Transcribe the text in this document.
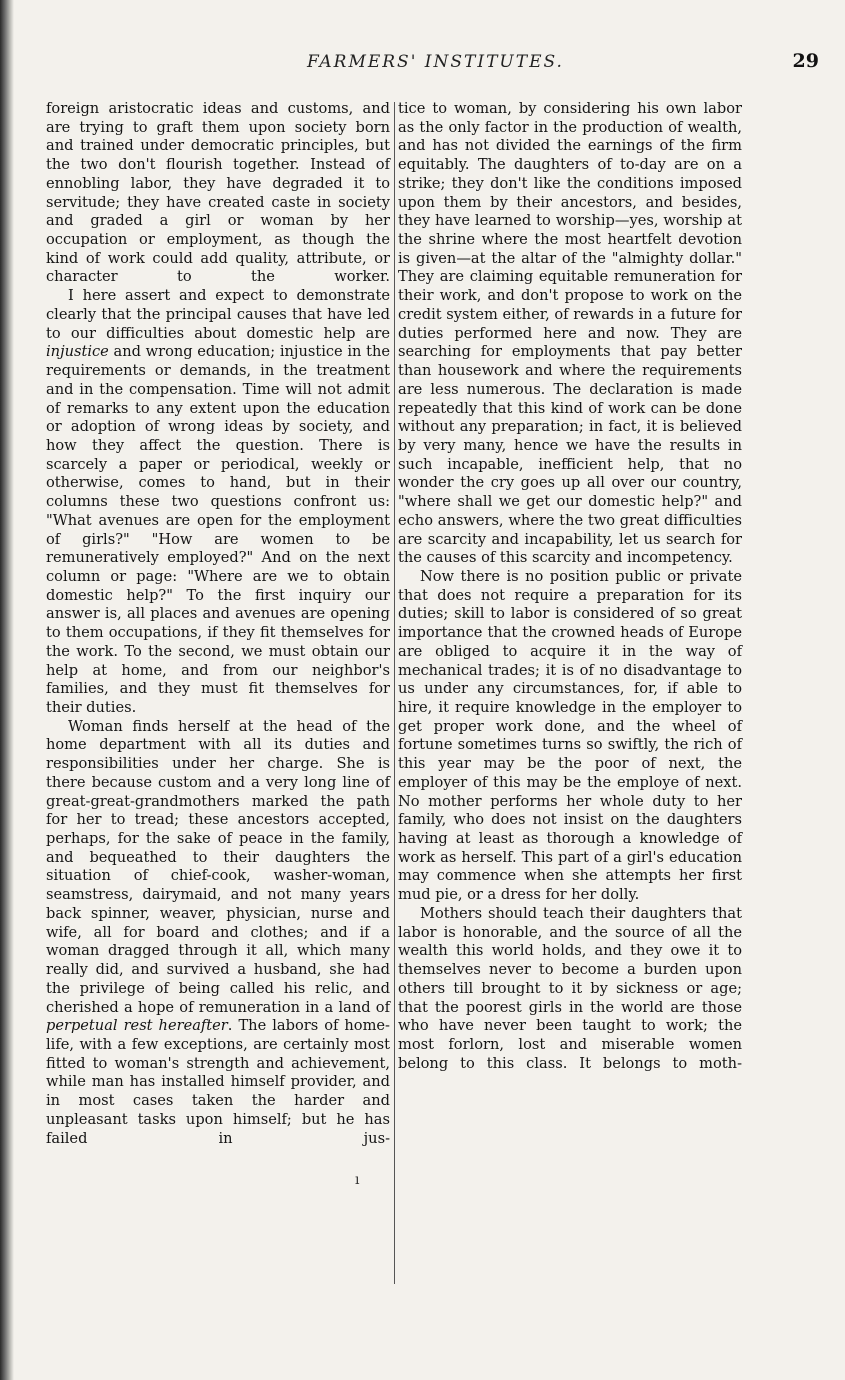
FARMERS' INSTITUTES.	29

foreign aristocratic ideas and customs, and are trying to graft them upon society born and trained under democratic principles, but the two don't flourish together. Instead of ennobling labor, they have degraded it to servitude; they have created caste in society and graded a girl or woman by her occupation or employment, as though the kind of work could add quality, attribute, or character to the worker.

I here assert and expect to demonstrate clearly that the principal causes that have led to our difficulties about domestic help are injustice and wrong education; injustice in the requirements or demands, in the treatment and in the compensation. Time will not admit of remarks to any extent upon the education or adoption of wrong ideas by society, and how they affect the question. There is scarcely a paper or periodical, weekly or otherwise, comes to hand, but in their columns these two questions confront us: "What avenues are open for the employment of girls?" "How are women to be remuneratively employed?" And on the next column or page: "Where are we to obtain domestic help?" To the first inquiry our answer is, all places and avenues are opening to them occupations, if they fit themselves for the work. To the second, we must obtain our help at home, and from our neighbor's families, and they must fit themselves for their duties.

Woman finds herself at the head of the home department with all its duties and responsibilities under her charge. She is there because custom and a very long line of great-great-grandmothers marked the path for her to tread; these ancestors accepted, perhaps, for the sake of peace in the family, and bequeathed to their daughters the situation of chief-cook, washer-woman, seamstress, dairymaid, and not many years back spinner, weaver, physician, nurse and wife, all for board and clothes; and if a woman dragged through it all, which many really did, and survived a husband, she had the privilege of being called his relic, and cherished a hope of remuneration in a land of perpetual rest hereafter. The labors of home-life, with a few exceptions, are certainly most fitted to woman's strength and achievement, while man has installed himself provider, and in most cases taken the harder and unpleasant tasks upon himself; but he has failed in jus-

tice to woman, by considering his own labor as the only factor in the production of wealth, and has not divided the earnings of the firm equitably. The daughters of to-day are on a strike; they don't like the conditions imposed upon them by their ancestors, and besides, they have learned to worship—yes, worship at the shrine where the most heartfelt devotion is given—at the altar of the "almighty dollar." They are claiming equitable remuneration for their work, and don't propose to work on the credit system either, of rewards in a future for duties performed here and now. They are searching for employments that pay better than housework and where the requirements are less numerous. The declaration is made repeatedly that this kind of work can be done without any preparation; in fact, it is believed by very many, hence we have the results in such incapable, inefficient help, that no wonder the cry goes up all over our country, "where shall we get our domestic help?" and echo answers, where the two great difficulties are scarcity and incapability, let us search for the causes of this scarcity and incompetency.

Now there is no position public or private that does not require a preparation for its duties; skill to labor is considered of so great importance that the crowned heads of Europe are obliged to acquire it in the way of mechanical trades; it is of no disadvantage to us under any circumstances, for, if able to hire, it require knowledge in the employer to get proper work done, and the wheel of fortune sometimes turns so swiftly, the rich of this year may be the poor of next, the employer of this may be the employe of next. No mother performs her whole duty to her family, who does not insist on the daughters having at least as thorough a knowledge of work as herself. This part of a girl's education may commence when she attempts her first mud pie, or a dress for her dolly.

Mothers should teach their daughters that labor is honorable, and the source of all the wealth this world holds, and they owe it to themselves never to become a burden upon others till brought to it by sickness or age; that the poorest girls in the world are those who have never been taught to work; the most forlorn, lost and miserable women belong to this class. It belongs to moth-

ı
